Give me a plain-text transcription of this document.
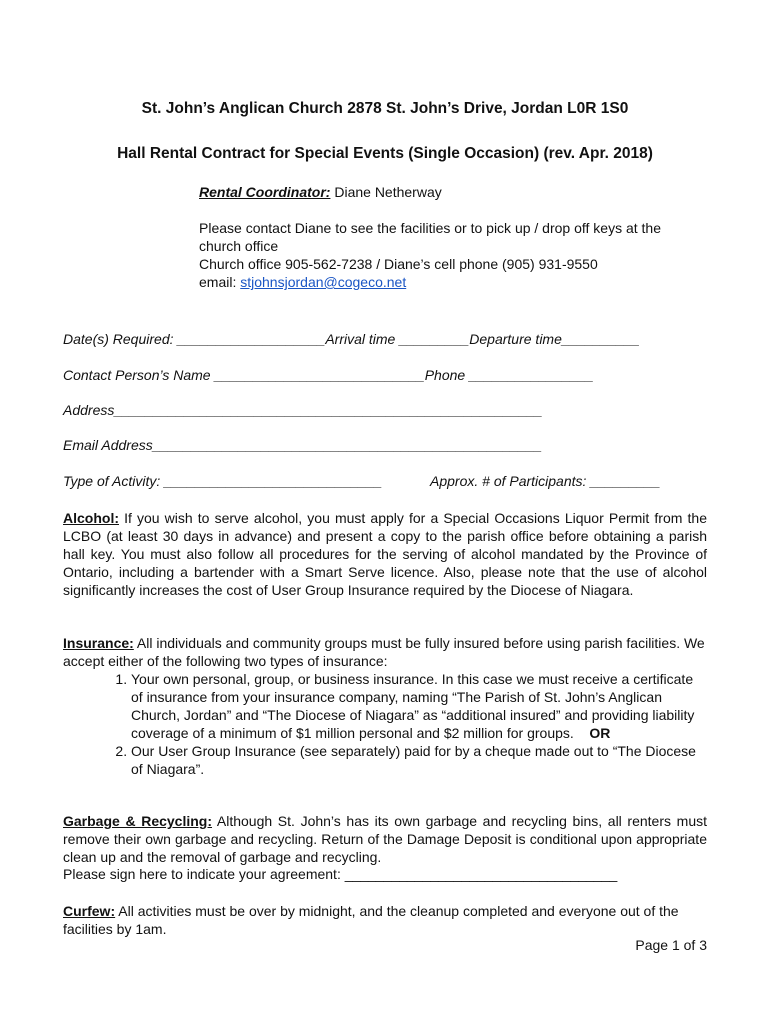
St. John’s Anglican Church 2878 St. John’s Drive, Jordan L0R 1S0
Hall Rental Contract for Special Events (Single Occasion) (rev. Apr. 2018)
Rental Coordinator: Diane Netherway
Please contact Diane to see the facilities or to pick up / drop off keys at the
church office
Church office 905-562-7238 / Diane’s cell phone (905) 931-9550
email: stjohnsjordan@cogeco.net
Date(s) Required: ___________________Arrival time _________Departure time__________
Contact Person’s Name ___________________________Phone ________________
Address_______________________________________________________
Email Address__________________________________________________
Type of Activity: ____________________________	Approx. # of Participants: _________
Alcohol: If you wish to serve alcohol, you must apply for a Special Occasions Liquor Permit from the LCBO (at least 30 days in advance) and present a copy to the parish office before obtaining a parish hall key. You must also follow all procedures for the serving of alcohol mandated by the Province of Ontario, including a bartender with a Smart Serve licence. Also, please note that the use of alcohol significantly increases the cost of User Group Insurance required by the Diocese of Niagara.
Insurance: All individuals and community groups must be fully insured before using parish facilities. We accept either of the following two types of insurance:
1. Your own personal, group, or business insurance. In this case we must receive a certificate of insurance from your insurance company, naming “The Parish of St. John’s Anglican Church, Jordan” and “The Diocese of Niagara” as “additional insured” and providing liability coverage of a minimum of $1 million personal and $2 million for groups. OR
2. Our User Group Insurance (see separately) paid for by a cheque made out to “The Diocese of Niagara”.
Garbage & Recycling: Although St. John’s has its own garbage and recycling bins, all renters must remove their own garbage and recycling. Return of the Damage Deposit is conditional upon appropriate clean up and the removal of garbage and recycling.
Please sign here to indicate your agreement: ___________________________________
Curfew: All activities must be over by midnight, and the cleanup completed and everyone out of the facilities by 1am.
Page 1 of 3
